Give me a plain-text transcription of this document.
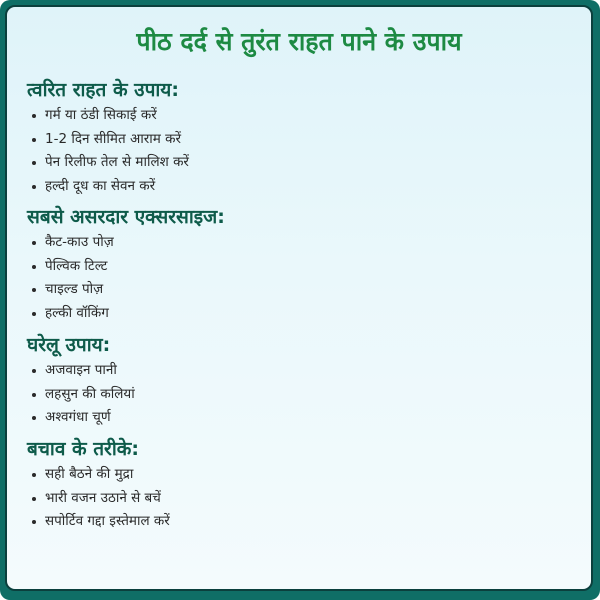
पीठ दर्द से तुरंत राहत पाने के उपाय
त्वरित राहत के उपाय:
गर्म या ठंडी सिकाई करें
1-2 दिन सीमित आराम करें
पेन रिलीफ तेल से मालिश करें
हल्दी दूध का सेवन करें
सबसे असरदार एक्सरसाइज:
कैट-काउ पोज़
पेल्विक टिल्ट
चाइल्ड पोज़
हल्की वॉकिंग
घरेलू उपाय:
अजवाइन पानी
लहसुन की कलियां
अश्वगंधा चूर्ण
बचाव के तरीके:
सही बैठने की मुद्रा
भारी वजन उठाने से बचें
सपोर्टिव गद्दा इस्तेमाल करें
